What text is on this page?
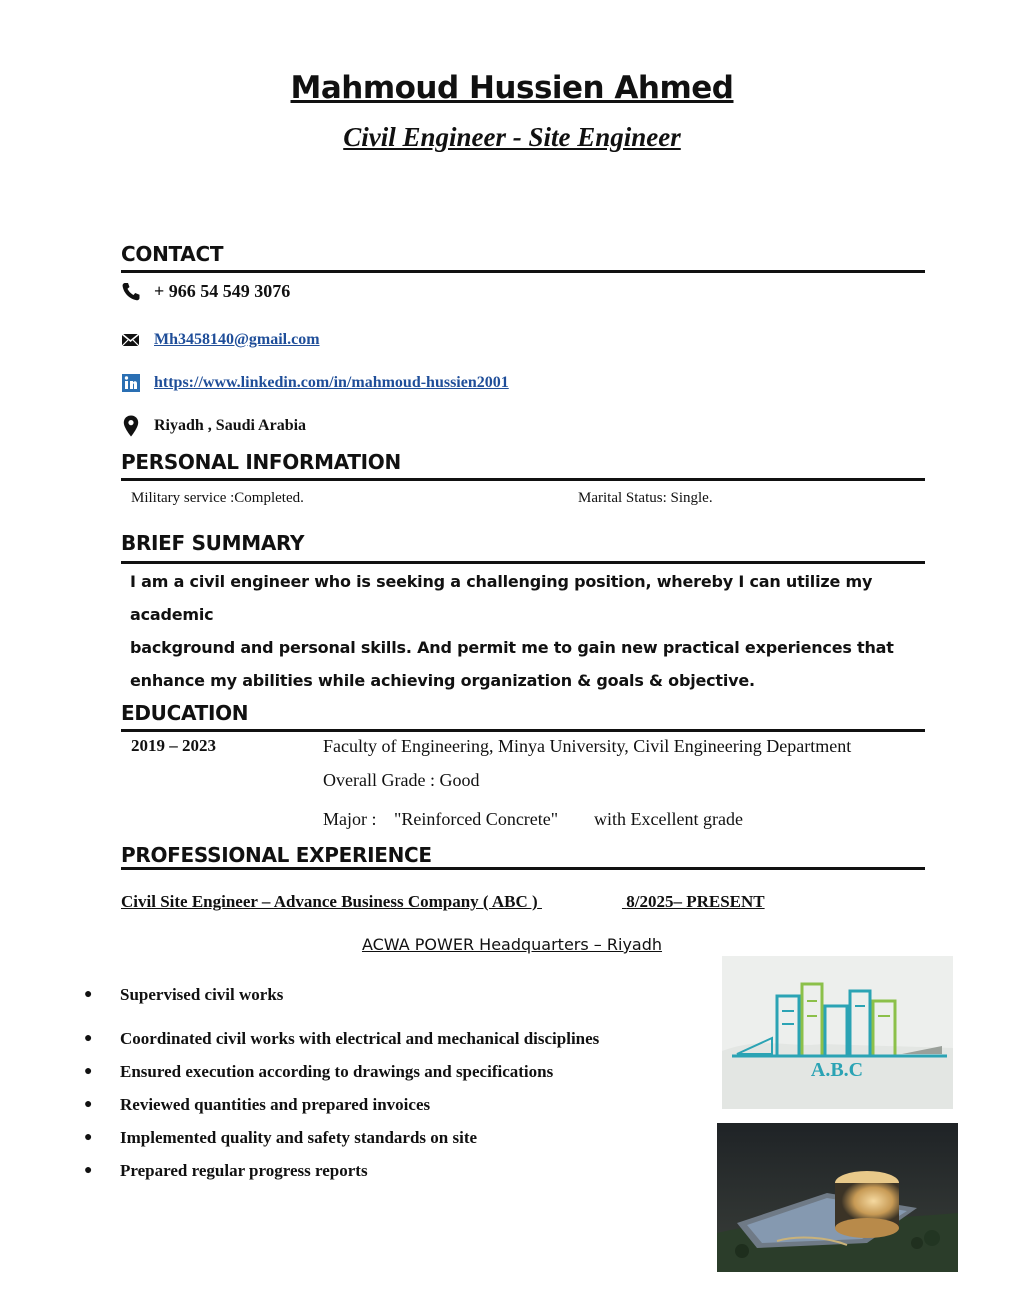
Mahmoud Hussien Ahmed
Civil Engineer - Site Engineer
CONTACT
+ 966 54 549 3076
Mh3458140@gmail.com
https://www.linkedin.com/in/mahmoud-hussien2001
Riyadh , Saudi Arabia
PERSONAL INFORMATION
Military service :Completed.	Marital Status: Single.
BRIEF SUMMARY
I am a civil engineer who is seeking a challenging position, whereby I can utilize my academic
background and personal skills. And permit me to gain new practical experiences that
enhance my abilities while achieving organization & goals & objective.
EDUCATION
2019 – 2023	Faculty of Engineering, Minya University, Civil Engineering Department
Overall Grade : Good
Major : "Reinforced Concrete" with Excellent grade
PROFESSIONAL EXPERIENCE
Civil Site Engineer – Advance Business Company ( ABC )	8/2025– PRESENT
ACWA POWER Headquarters – Riyadh
●	Supervised civil works
●	Coordinated civil works with electrical and mechanical disciplines
●	Ensured execution according to drawings and specifications
●	Reviewed quantities and prepared invoices
●	Implemented quality and safety standards on site
●	Prepared regular progress reports
A.B.C
